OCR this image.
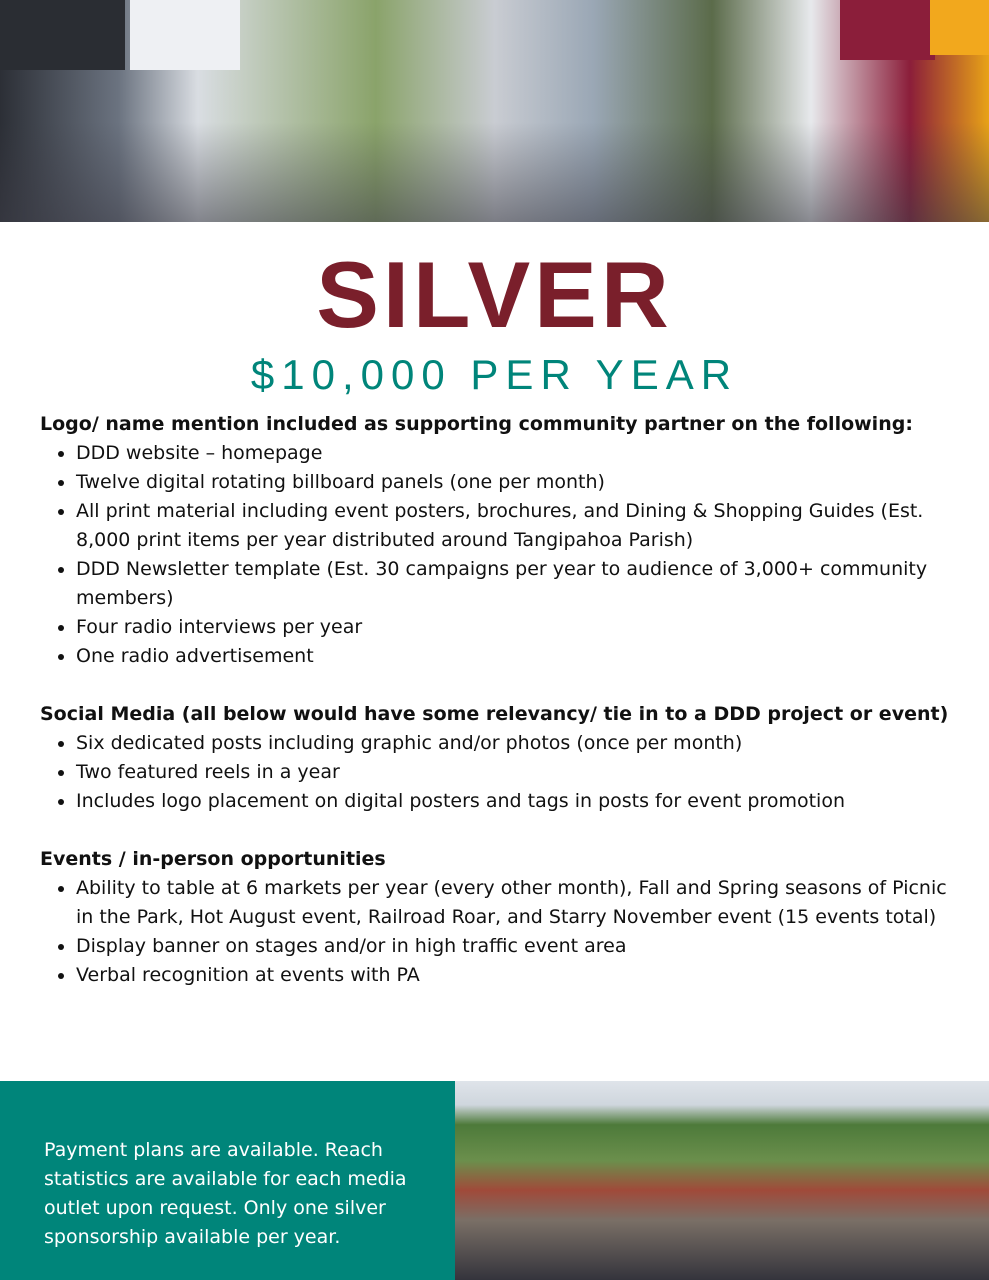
SILVER
$10,000 PER YEAR
Logo/ name mention included as supporting community partner on the following:
• DDD website – homepage
• Twelve digital rotating billboard panels (one per month)
• All print material including event posters, brochures, and Dining & Shopping Guides (Est. 8,000 print items per year distributed around Tangipahoa Parish)
• DDD Newsletter template (Est. 30 campaigns per year to audience of 3,000+ community members)
• Four radio interviews per year
• One radio advertisement
Social Media (all below would have some relevancy/ tie in to a DDD project or event)
• Six dedicated posts including graphic and/or photos (once per month)
• Two featured reels in a year
• Includes logo placement on digital posters and tags in posts for event promotion
Events / in-person opportunities
• Ability to table at 6 markets per year (every other month), Fall and Spring seasons of Picnic in the Park, Hot August event, Railroad Roar, and Starry November event (15 events total)
• Display banner on stages and/or in high traffic event area
• Verbal recognition at events with PA

Payment plans are available. Reach statistics are available for each media outlet upon request. Only one silver sponsorship available per year.
